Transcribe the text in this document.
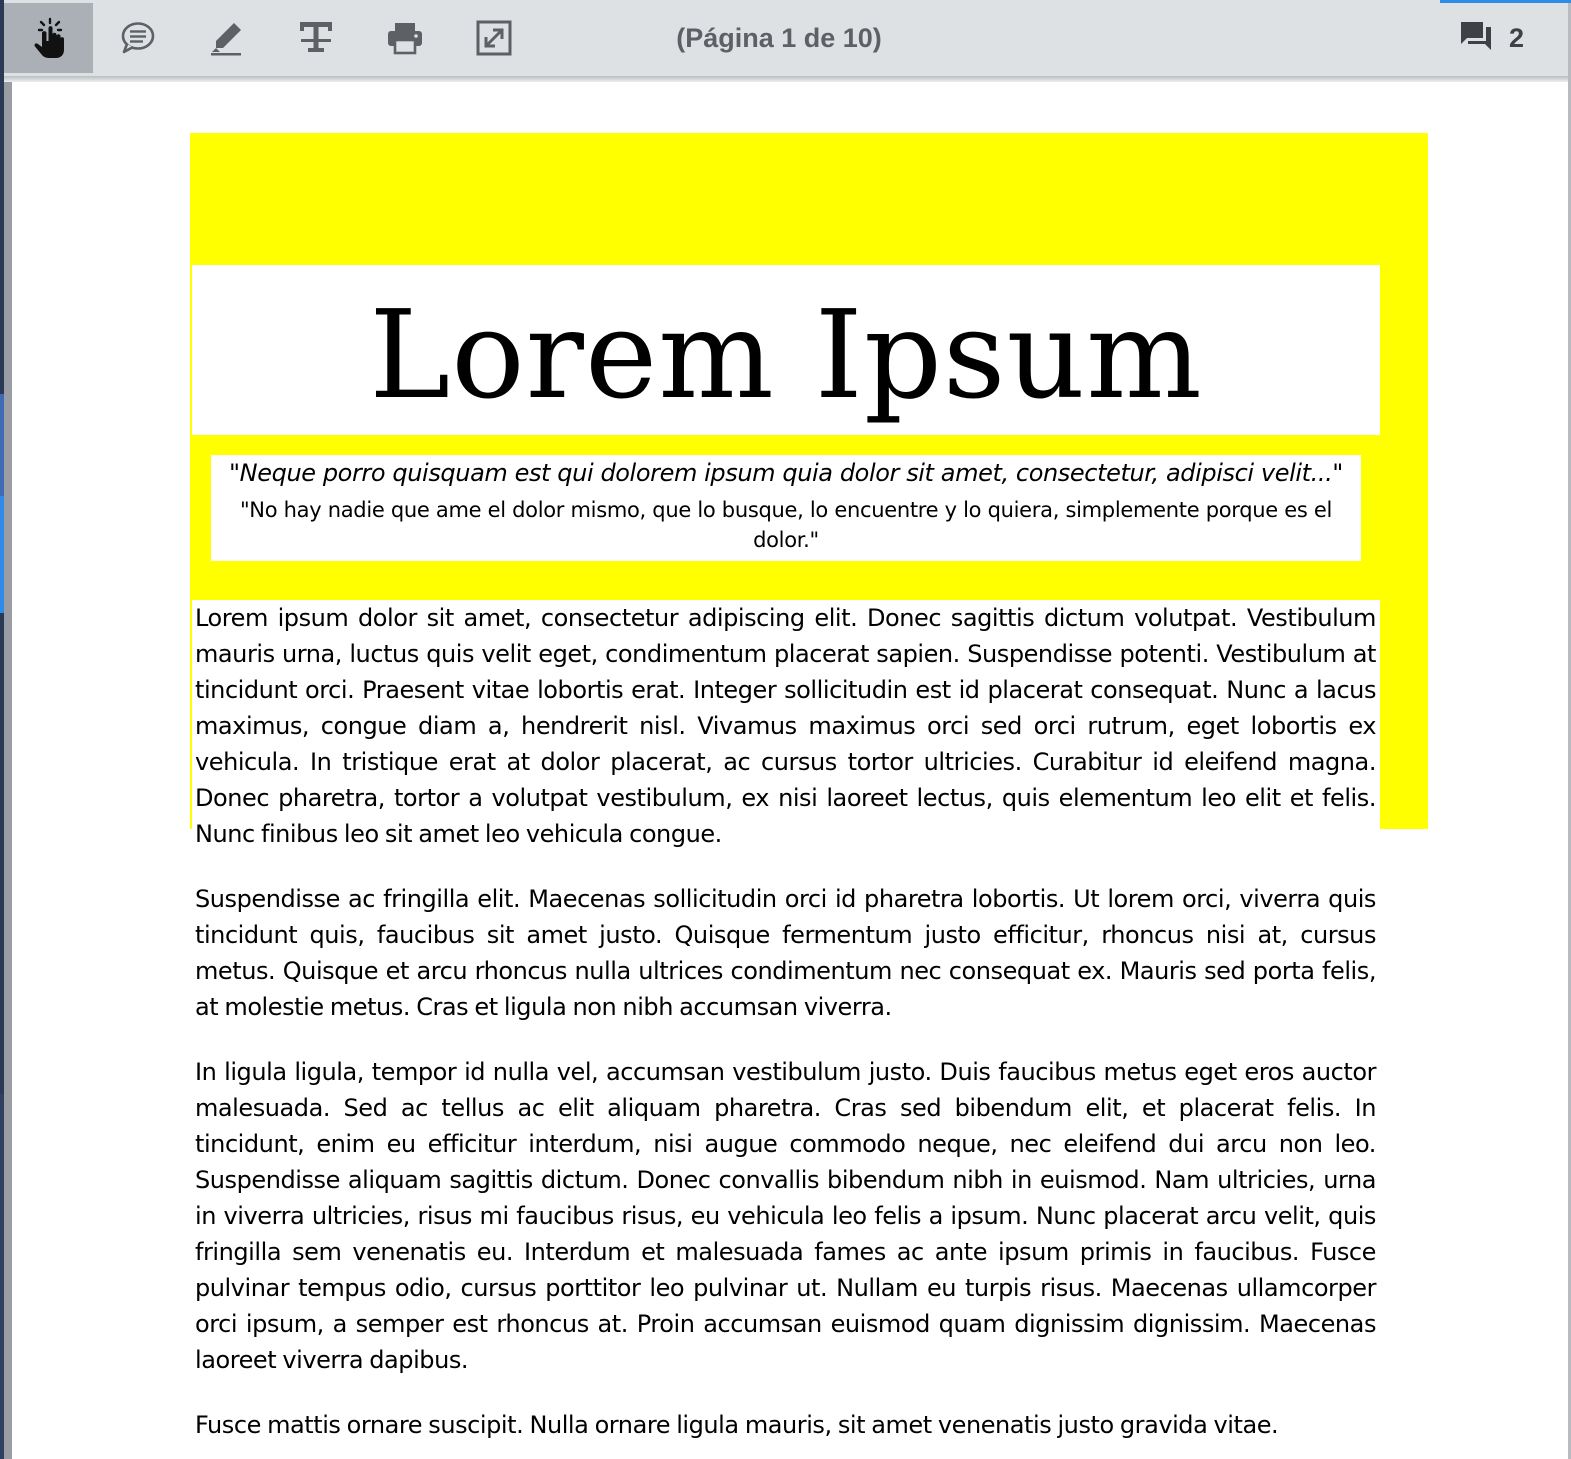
(Página 1 de 10)	2
Lorem Ipsum
"Neque porro quisquam est qui dolorem ipsum quia dolor sit amet, consectetur, adipisci velit..."
"No hay nadie que ame el dolor mismo, que lo busque, lo encuentre y lo quiera, simplemente porque es el dolor."

Lorem ipsum dolor sit amet, consectetur adipiscing elit. Donec sagittis dictum volutpat. Vestibulum mauris urna, luctus quis velit eget, condimentum placerat sapien. Suspendisse potenti. Vestibulum at tincidunt orci. Praesent vitae lobortis erat. Integer sollicitudin est id placerat consequat. Nunc a lacus maximus, congue diam a, hendrerit nisl. Vivamus maximus orci sed orci rutrum, eget lobortis ex vehicula. In tristique erat at dolor placerat, ac cursus tortor ultricies. Curabitur id eleifend magna. Donec pharetra, tortor a volutpat vestibulum, ex nisi laoreet lectus, quis elementum leo elit et felis. Nunc finibus leo sit amet leo vehicula congue.

Suspendisse ac fringilla elit. Maecenas sollicitudin orci id pharetra lobortis. Ut lorem orci, viverra quis tincidunt quis, faucibus sit amet justo. Quisque fermentum justo efficitur, rhoncus nisi at, cursus metus. Quisque et arcu rhoncus nulla ultrices condimentum nec consequat ex. Mauris sed porta felis, at molestie metus. Cras et ligula non nibh accumsan viverra.

In ligula ligula, tempor id nulla vel, accumsan vestibulum justo. Duis faucibus metus eget eros auctor malesuada. Sed ac tellus ac elit aliquam pharetra. Cras sed bibendum elit, et placerat felis. In tincidunt, enim eu efficitur interdum, nisi augue commodo neque, nec eleifend dui arcu non leo. Suspendisse aliquam sagittis dictum. Donec convallis bibendum nibh in euismod. Nam ultricies, urna in viverra ultricies, risus mi faucibus risus, eu vehicula leo felis a ipsum. Nunc placerat arcu velit, quis fringilla sem venenatis eu. Interdum et malesuada fames ac ante ipsum primis in faucibus. Fusce pulvinar tempus odio, cursus porttitor leo pulvinar ut. Nullam eu turpis risus. Maecenas ullamcorper orci ipsum, a semper est rhoncus at. Proin accumsan euismod quam dignissim dignissim. Maecenas laoreet viverra dapibus.

Fusce mattis ornare suscipit. Nulla ornare ligula mauris, sit amet venenatis justo gravida vitae.
